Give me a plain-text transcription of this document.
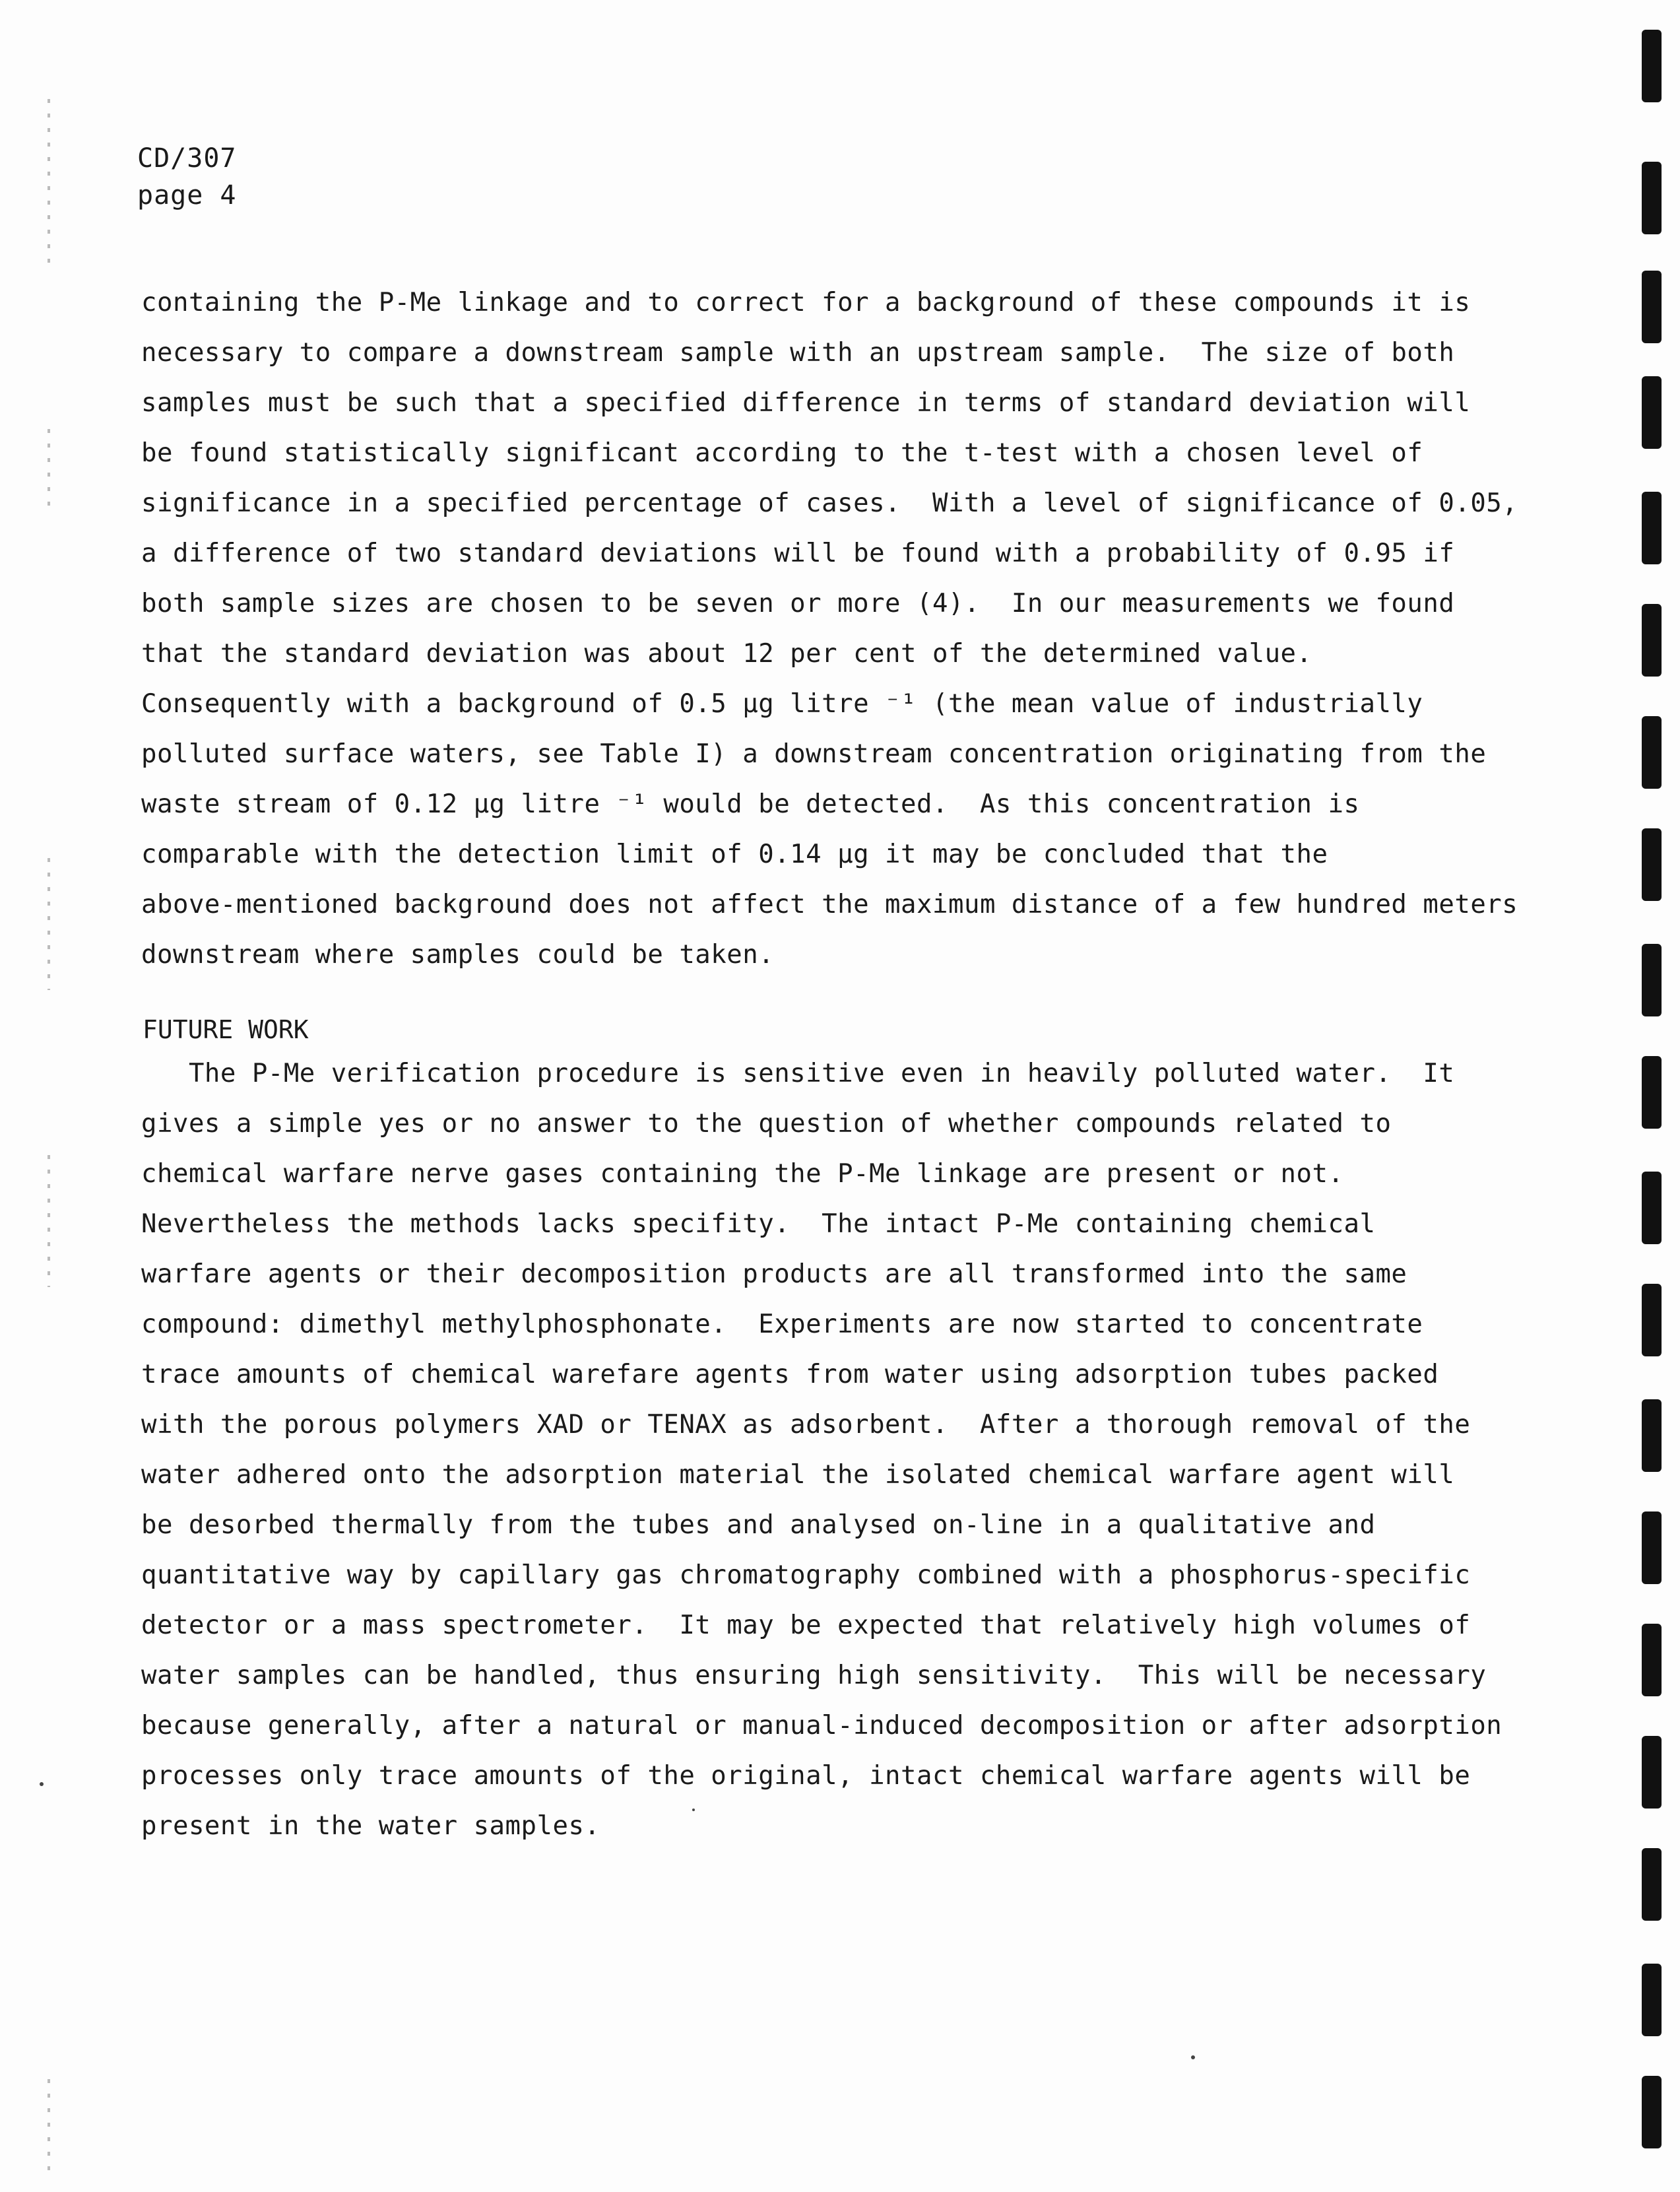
CD/307
page 4
containing the P-Me linkage and to correct for a background of these compounds it is
necessary to compare a downstream sample with an upstream sample.  The size of both
samples must be such that a specified difference in terms of standard deviation will
be found statistically significant according to the t-test with a chosen level of
significance in a specified percentage of cases.  With a level of significance of 0.05,
a difference of two standard deviations will be found with a probability of 0.95 if
both sample sizes are chosen to be seven or more (4).  In our measurements we found
that the standard deviation was about 12 per cent of the determined value.
Consequently with a background of 0.5 µg litre ⁻¹ (the mean value of industrially
polluted surface waters, see Table I) a downstream concentration originating from the
waste stream of 0.12 µg litre ⁻¹ would be detected.  As this concentration is
comparable with the detection limit of 0.14 µg it may be concluded that the
above-mentioned background does not affect the maximum distance of a few hundred meters
downstream where samples could be taken.
FUTURE WORK
The P-Me verification procedure is sensitive even in heavily polluted water.  It
gives a simple yes or no answer to the question of whether compounds related to
chemical warfare nerve gases containing the P-Me linkage are present or not.
Nevertheless the methods lacks specifity.  The intact P-Me containing chemical
warfare agents or their decomposition products are all transformed into the same
compound: dimethyl methylphosphonate.  Experiments are now started to concentrate
trace amounts of chemical warefare agents from water using adsorption tubes packed
with the porous polymers XAD or TENAX as adsorbent.  After a thorough removal of the
water adhered onto the adsorption material the isolated chemical warfare agent will
be desorbed thermally from the tubes and analysed on-line in a qualitative and
quantitative way by capillary gas chromatography combined with a phosphorus-specific
detector or a mass spectrometer.  It may be expected that relatively high volumes of
water samples can be handled, thus ensuring high sensitivity.  This will be necessary
because generally, after a natural or manual-induced decomposition or after adsorption
processes only trace amounts of the original, intact chemical warfare agents will be
present in the water samples.
